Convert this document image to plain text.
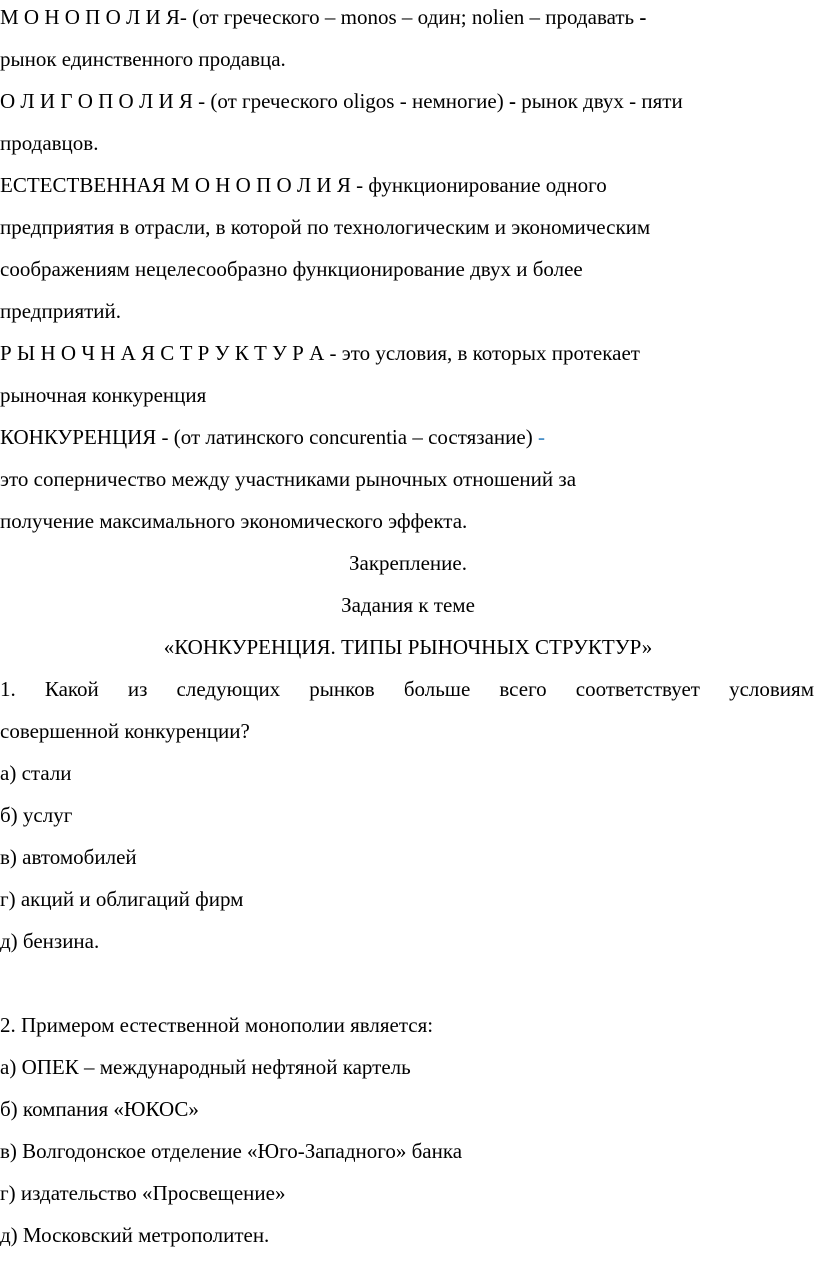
М О Н О П О Л И Я- (от греческого – monos – один; nolien – продавать -
рынок единственного продавца.
О Л И Г О П О Л И Я - (от греческого oligos - немногие) - рынок двух - пяти
продавцов.
ЕСТЕСТВЕННАЯ М О Н О П О Л И Я - функционирование одного
предприятия в отрасли, в которой по технологическим и экономическим
соображениям нецелесообразно функционирование двух и более
предприятий.
Р Ы Н О Ч Н А Я С Т Р У К Т У Р А - это условия, в которых протекает
рыночная конкуренция
КОНКУРЕНЦИЯ - (от латинского concurentia – состязание) -
это соперничество между участниками рыночных отношений за
получение максимального экономического эффекта.
Закрепление.
Задания к теме
«КОНКУРЕНЦИЯ. ТИПЫ РЫНОЧНЫХ СТРУКТУР»
1. Какой из следующих рынков больше всего соответствует условиям
совершенной конкуренции?
а) стали
б) услуг
в) автомобилей
г) акций и облигаций фирм
д) бензина.
2. Примером естественной монополии является:
а) ОПЕК – международный нефтяной картель
б) компания «ЮКОС»
в) Волгодонское отделение «Юго-Западного» банка
г) издательство «Просвещение»
д) Московский метрополитен.
